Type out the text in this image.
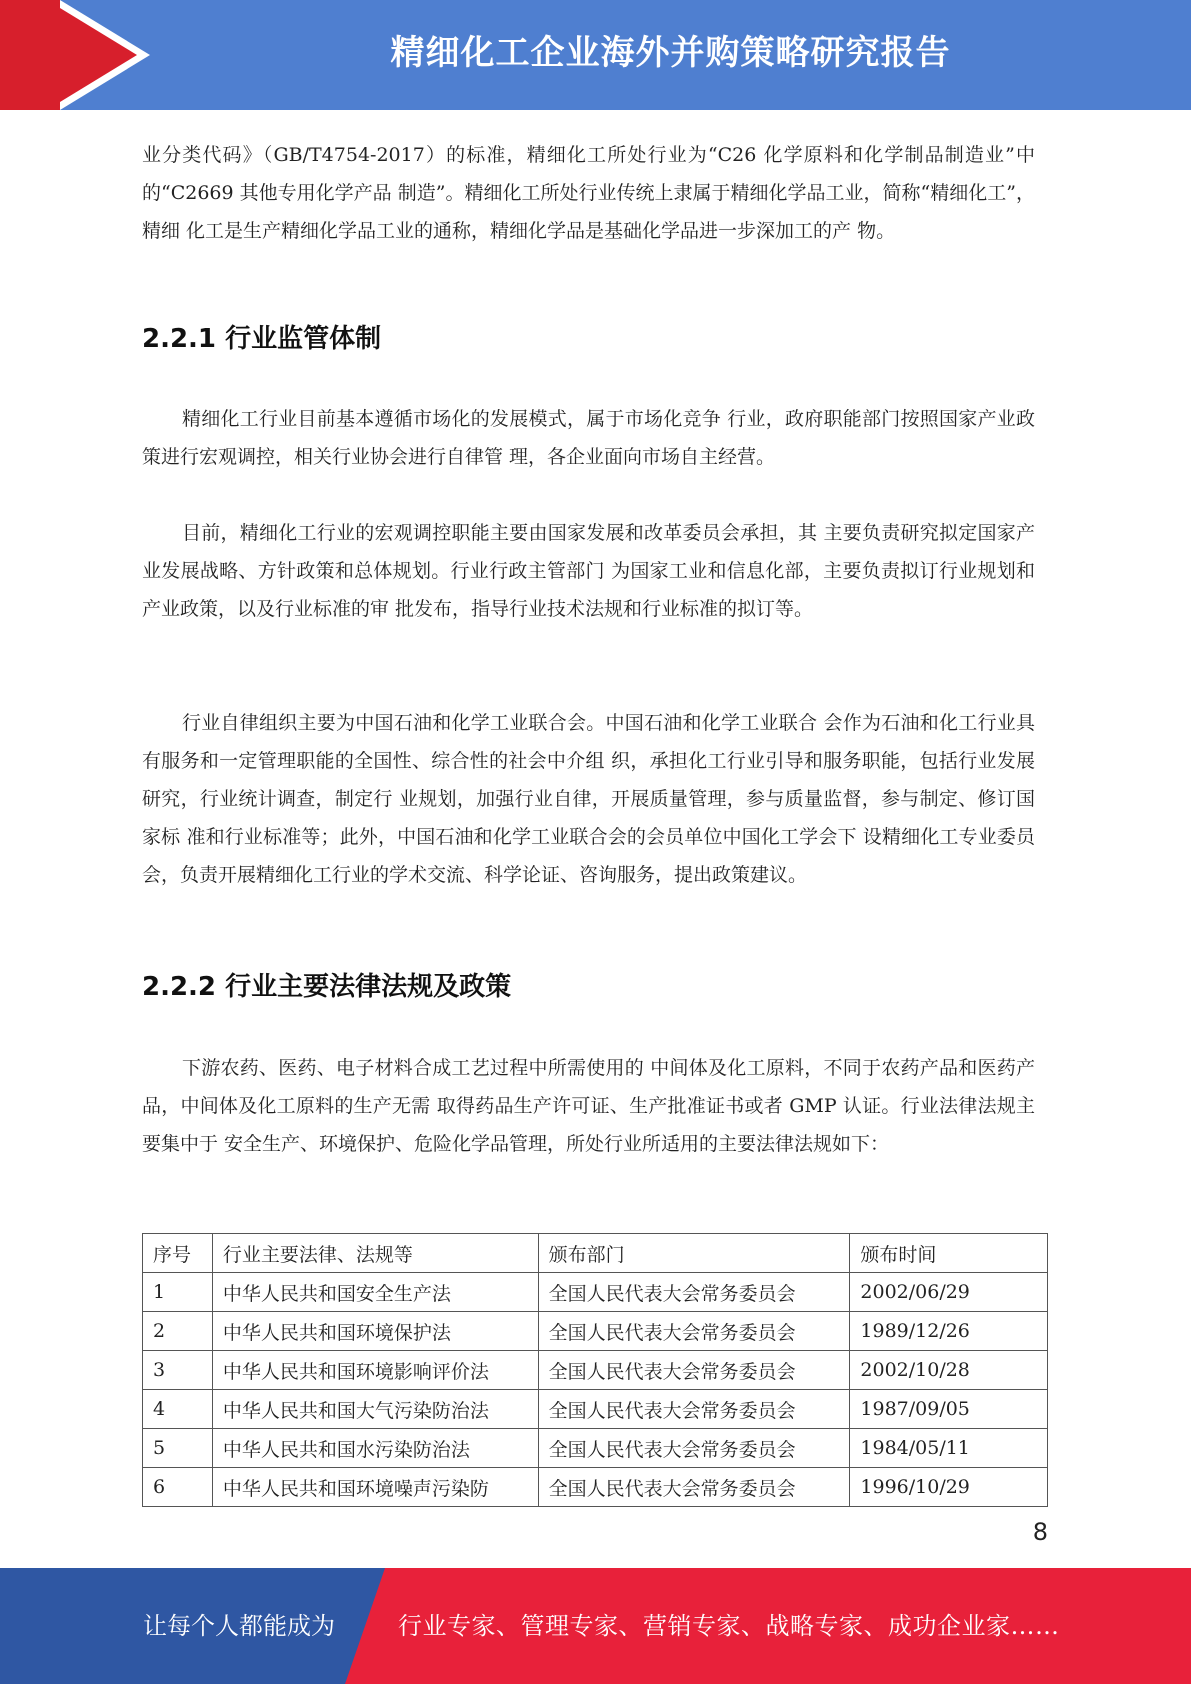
精细化工企业海外并购策略研究报告

业分类代码》（GB/T4754-2017）的标准，精细化工所处行业为“C26 化学原料和化学制品制造业”中的“C2669 其他专用化学产品 制造”。精细化工所处行业传统上隶属于精细化学品工业，简称“精细化工”，精细 化工是生产精细化学品工业的通称，精细化学品是基础化学品进一步深加工的产 物。

2.2.1 行业监管体制

精细化工行业目前基本遵循市场化的发展模式，属于市场化竞争 行业，政府职能部门按照国家产业政策进行宏观调控，相关行业协会进行自律管 理，各企业面向市场自主经营。

目前，精细化工行业的宏观调控职能主要由国家发展和改革委员会承担，其 主要负责研究拟定国家产业发展战略、方针政策和总体规划。行业行政主管部门 为国家工业和信息化部，主要负责拟订行业规划和产业政策，以及行业标准的审 批发布，指导行业技术法规和行业标准的拟订等。

行业自律组织主要为中国石油和化学工业联合会。中国石油和化学工业联合 会作为石油和化工行业具有服务和一定管理职能的全国性、综合性的社会中介组 织，承担化工行业引导和服务职能，包括行业发展研究，行业统计调查，制定行 业规划，加强行业自律，开展质量管理，参与质量监督，参与制定、修订国家标 准和行业标准等；此外，中国石油和化学工业联合会的会员单位中国化工学会下 设精细化工专业委员会，负责开展精细化工行业的学术交流、科学论证、咨询服务，提出政策建议。

2.2.2 行业主要法律法规及政策

下游农药、医药、电子材料合成工艺过程中所需使用的 中间体及化工原料，不同于农药产品和医药产品，中间体及化工原料的生产无需 取得药品生产许可证、生产批准证书或者 GMP 认证。行业法律法规主要集中于 安全生产、环境保护、危险化学品管理，所处行业所适用的主要法律法规如下：

序号	行业主要法律、法规等	颁布部门	颁布时间
1	中华人民共和国安全生产法	全国人民代表大会常务委员会	2002/06/29
2	中华人民共和国环境保护法	全国人民代表大会常务委员会	1989/12/26
3	中华人民共和国环境影响评价法	全国人民代表大会常务委员会	2002/10/28
4	中华人民共和国大气污染防治法	全国人民代表大会常务委员会	1987/09/05
5	中华人民共和国水污染防治法	全国人民代表大会常务委员会	1984/05/11
6	中华人民共和国环境噪声污染防	全国人民代表大会常务委员会	1996/10/29
8
让每个人都能成为	行业专家、管理专家、营销专家、战略专家、成功企业家……
